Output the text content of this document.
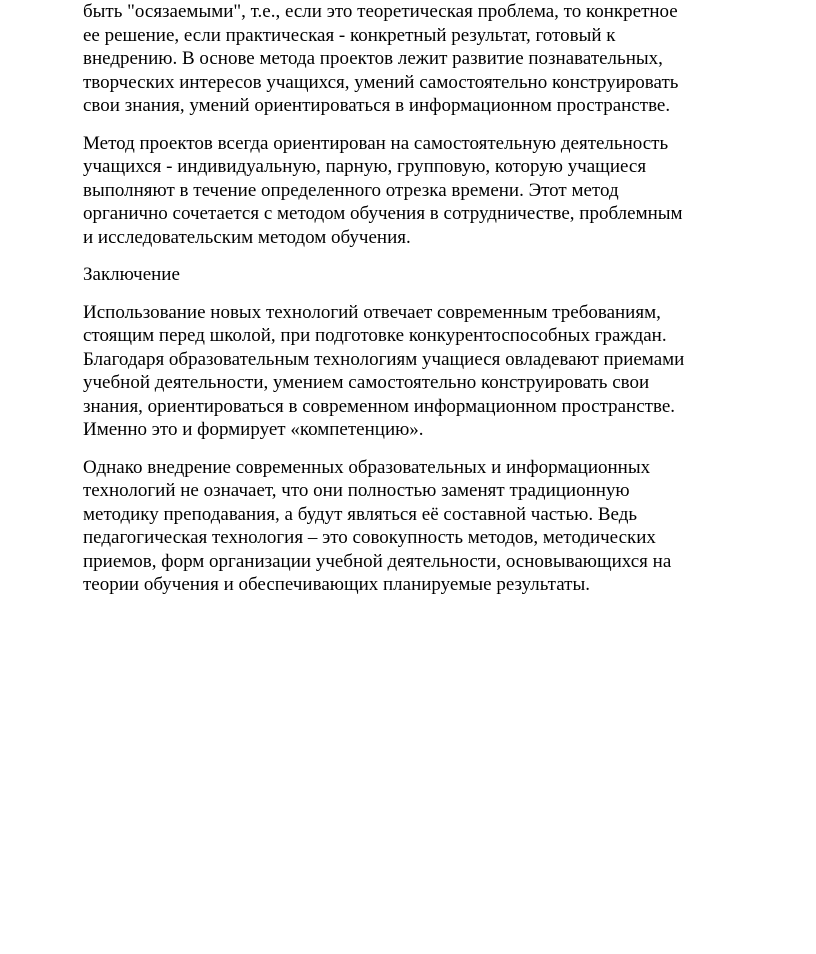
быть "осязаемыми", т.е., если это теоретическая проблема, то конкретное
ее решение, если практическая - конкретный результат, готовый к
внедрению. В основе метода проектов лежит развитие познавательных,
творческих интересов учащихся, умений самостоятельно конструировать
свои знания, умений ориентироваться в информационном пространстве.

Метод проектов всегда ориентирован на самостоятельную деятельность
учащихся - индивидуальную, парную, групповую, которую учащиеся
выполняют в течение определенного отрезка времени. Этот метод
органично сочетается с методом обучения в сотрудничестве, проблемным
и исследовательским методом обучения.

Заключение

Использование новых технологий отвечает современным требованиям,
стоящим перед школой, при подготовке конкурентоспособных граждан.
Благодаря образовательным технологиям учащиеся овладевают приемами
учебной деятельности, умением самостоятельно конструировать свои
знания, ориентироваться в современном информационном пространстве.
Именно это и формирует «компетенцию».

Однако внедрение современных образовательных и информационных
технологий не означает, что они полностью заменят традиционную
методику преподавания, а будут являться её составной частью. Ведь
педагогическая технология – это совокупность методов, методических
приемов, форм организации учебной деятельности, основывающихся на
теории обучения и обеспечивающих планируемые результаты.
